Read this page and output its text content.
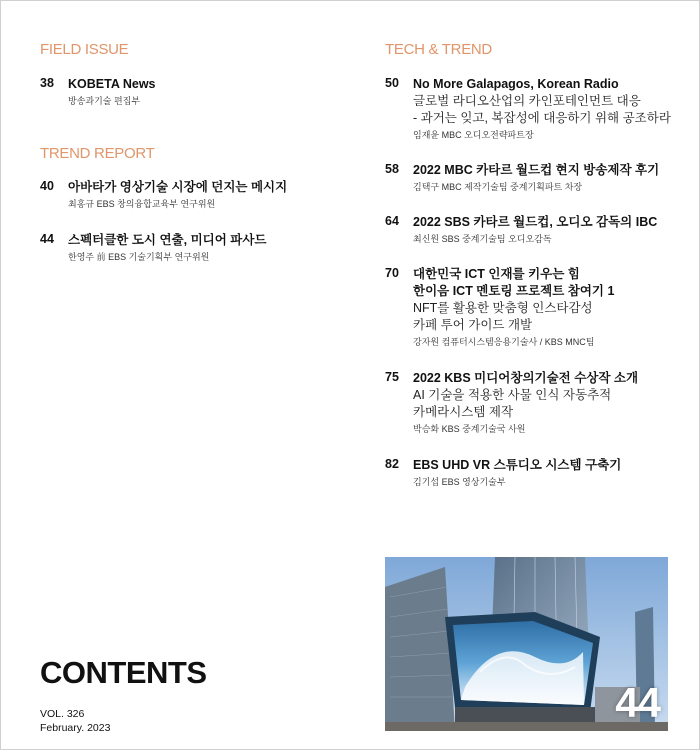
FIELD ISSUE
38 KOBETA News
방송과기술 편집부
TREND REPORT
40 아바타가 영상기술 시장에 던지는 메시지
최홍규 EBS 창의융합교육부 연구위원
44 스펙터클한 도시 연출, 미디어 파사드
한영주 前 EBS 기술기획부 연구위원
TECH & TREND
50 No More Galapagos, Korean Radio
글로벌 라디오산업의 카인포테인먼트 대응
- 과거는 잊고, 복잡성에 대응하기 위해 공조하라
임재윤 MBC 오디오전략파트장
58 2022 MBC 카타르 월드컵 현지 방송제작 후기
김택구 MBC 제작기술팀 중계기획파트 차장
64 2022 SBS 카타르 월드컵, 오디오 감독의 IBC
최신원 SBS 중계기술팀 오디오감독
70 대한민국 ICT 인재를 키우는 힘
한이음 ICT 멘토링 프로젝트 참여기 1
NFT를 활용한 맞춤형 인스타감성
카페 투어 가이드 개발
강자원 컴퓨터시스템응용기술사 / KBS MNC팀
75 2022 KBS 미디어창의기술전 수상작 소개
AI 기술을 적용한 사물 인식 자동추적
카메라시스템 제작
박승화 KBS 중계기술국 사원
82 EBS UHD VR 스튜디오 시스템 구축기
김기섭 EBS 영상기술부
CONTENTS
VOL. 326
February. 2023
44
